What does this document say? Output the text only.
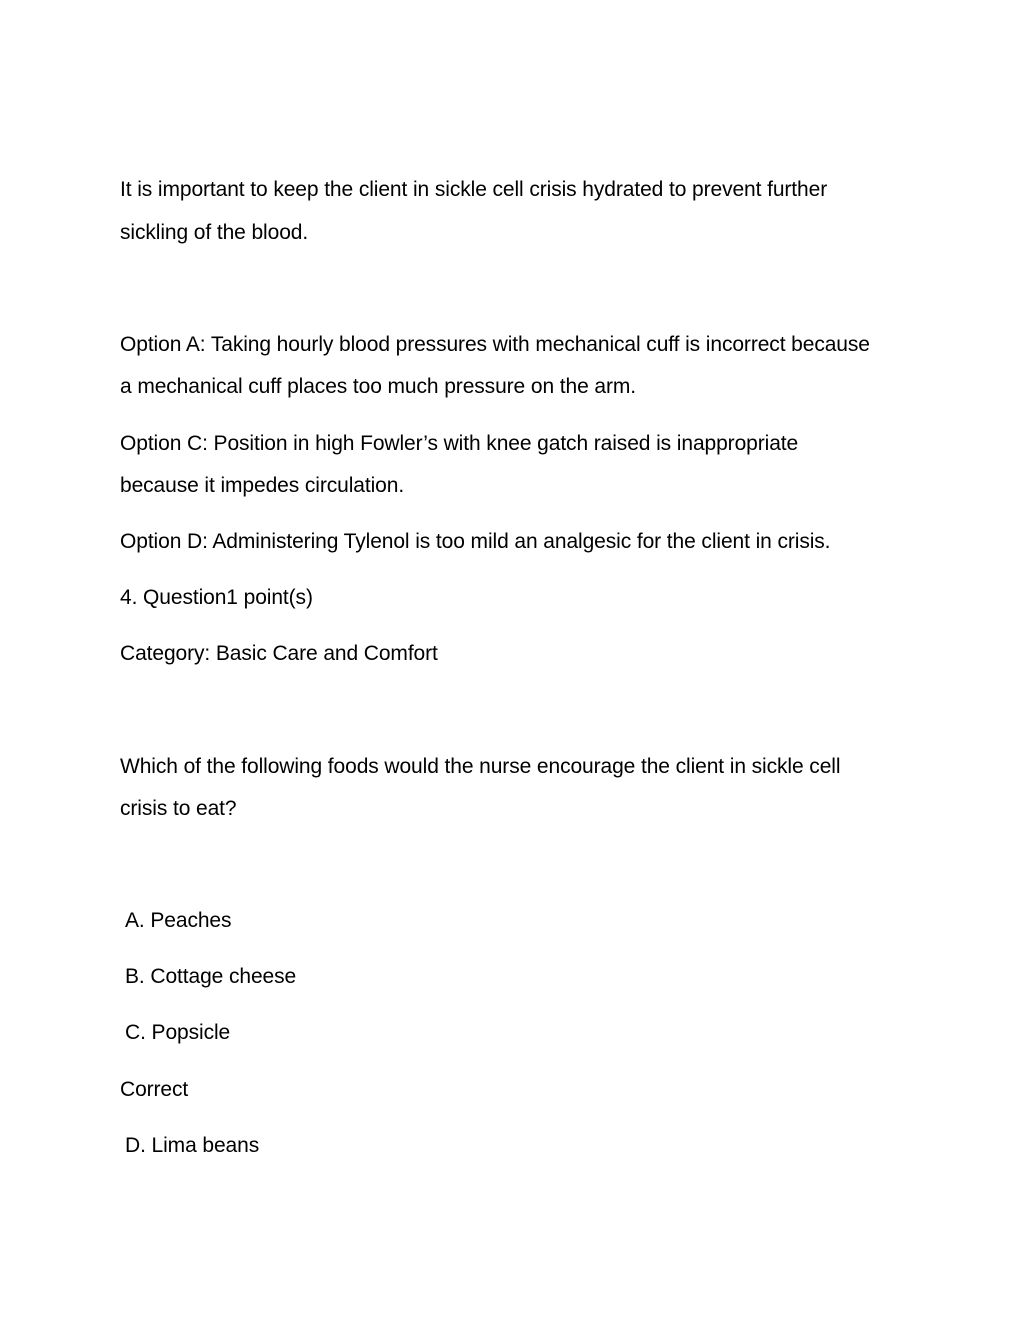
It is important to keep the client in sickle cell crisis hydrated to prevent further
sickling of the blood.
Option A: Taking hourly blood pressures with mechanical cuff is incorrect because
a mechanical cuff places too much pressure on the arm.
Option C: Position in high Fowler’s with knee gatch raised is inappropriate
because it impedes circulation.
Option D: Administering Tylenol is too mild an analgesic for the client in crisis.
4. Question1 point(s)
Category: Basic Care and Comfort
Which of the following foods would the nurse encourage the client in sickle cell
crisis to eat?
A. Peaches
B. Cottage cheese
C. Popsicle
Correct
D. Lima beans
